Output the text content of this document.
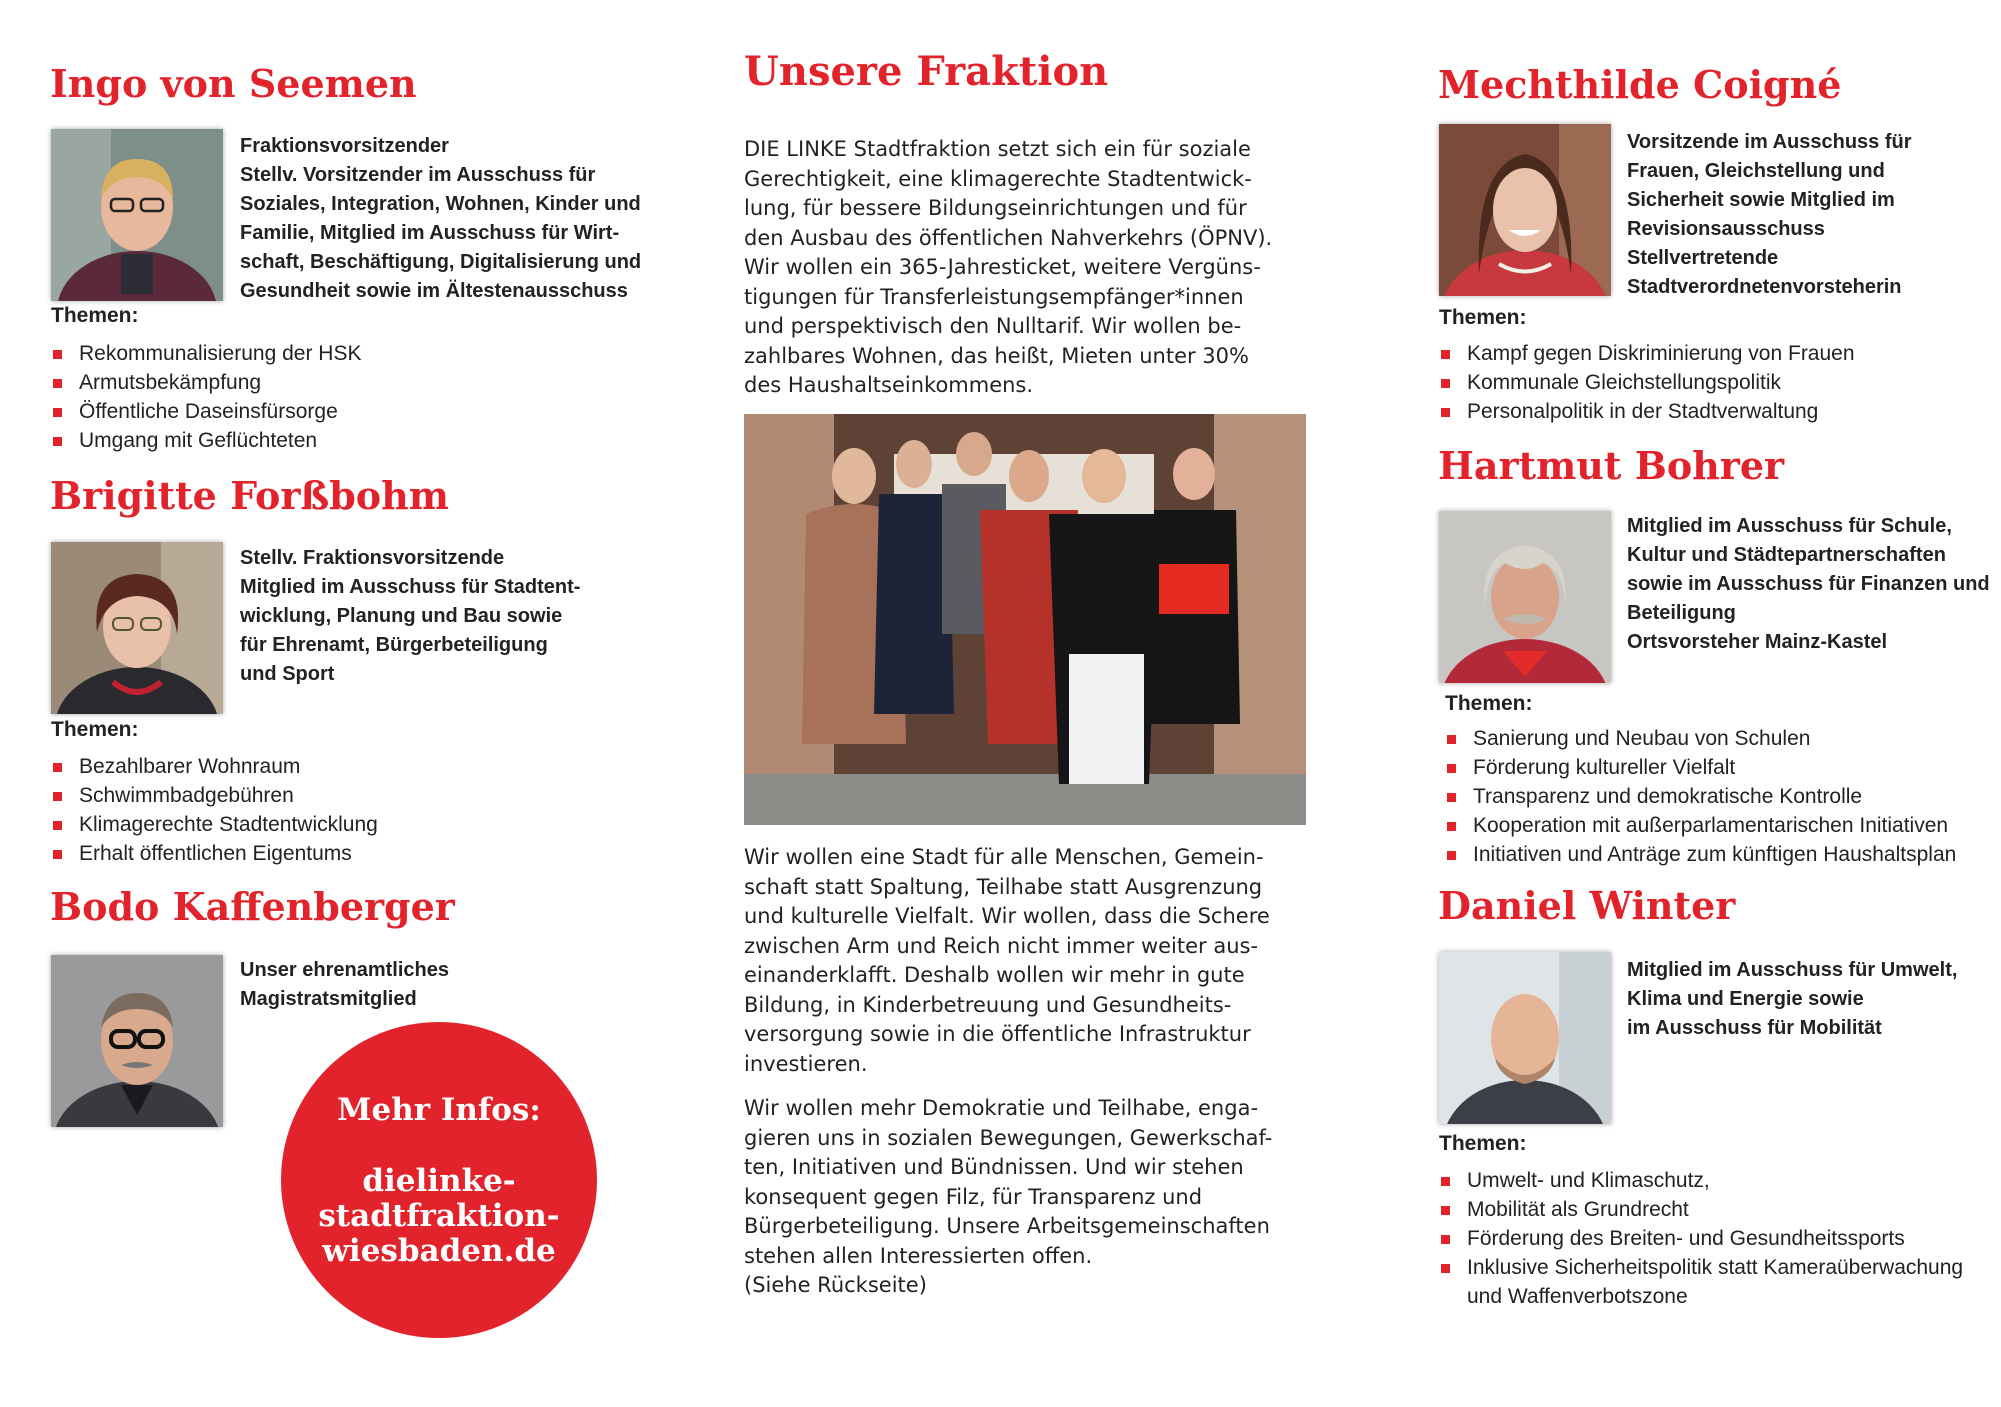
Ingo von Seemen
Fraktionsvorsitzender
Stellv. Vorsitzender im Ausschuss für
Soziales, Integration, Wohnen, Kinder und
Familie, Mitglied im Ausschuss für Wirt-
schaft, Beschäftigung, Digitalisierung und
Gesundheit sowie im Ältestenausschuss
Themen:
Rekommunalisierung der HSK
Armutsbekämpfung
Öffentliche Daseinsfürsorge
Umgang mit Geflüchteten
Brigitte Forßbohm
Stellv. Fraktionsvorsitzende
Mitglied im Ausschuss für Stadtent-
wicklung, Planung und Bau sowie
für Ehrenamt, Bürgerbeteiligung
und Sport
Themen:
Bezahlbarer Wohnraum
Schwimmbadgebühren
Klimagerechte Stadtentwicklung
Erhalt öffentlichen Eigentums
Bodo Kaffenberger
Unser ehrenamtliches
Magistratsmitglied
Mehr Infos:
dielinke-
stadtfraktion-
wiesbaden.de
Unsere Fraktion
DIE LINKE Stadtfraktion setzt sich ein für soziale
Gerechtigkeit, eine klimagerechte Stadtentwick-
lung, für bessere Bildungseinrichtungen und für
den Ausbau des öffentlichen Nahverkehrs (ÖPNV).
Wir wollen ein 365-Jahresticket, weitere Vergüns-
tigungen für Transferleistungsempfänger*innen
und perspektivisch den Nulltarif. Wir wollen be-
zahlbares Wohnen, das heißt, Mieten unter 30%
des Haushaltseinkommens.
Wir wollen eine Stadt für alle Menschen, Gemein-
schaft statt Spaltung, Teilhabe statt Ausgrenzung
und kulturelle Vielfalt. Wir wollen, dass die Schere
zwischen Arm und Reich nicht immer weiter aus-
einanderklafft. Deshalb wollen wir mehr in gute
Bildung, in Kinderbetreuung und Gesundheits-
versorgung sowie in die öffentliche Infrastruktur
investieren.
Wir wollen mehr Demokratie und Teilhabe, enga-
gieren uns in sozialen Bewegungen, Gewerkschaf-
ten, Initiativen und Bündnissen. Und wir stehen
konsequent gegen Filz, für Transparenz und
Bürgerbeteiligung. Unsere Arbeitsgemeinschaften
stehen allen Interessierten offen.
(Siehe Rückseite)
Mechthilde Coigné
Vorsitzende im Ausschuss für
Frauen, Gleichstellung und
Sicherheit sowie Mitglied im
Revisionsausschuss
Stellvertretende
Stadtverordnetenvorsteherin
Themen:
Kampf gegen Diskriminierung von Frauen
Kommunale Gleichstellungspolitik
Personalpolitik in der Stadtverwaltung
Hartmut Bohrer
Mitglied im Ausschuss für Schule,
Kultur und Städtepartnerschaften
sowie im Ausschuss für Finanzen und
Beteiligung
Ortsvorsteher Mainz-Kastel
Themen:
Sanierung und Neubau von Schulen
Förderung kultureller Vielfalt
Transparenz und demokratische Kontrolle
Kooperation mit außerparlamentarischen Initiativen
Initiativen und Anträge zum künftigen Haushaltsplan
Daniel Winter
Mitglied im Ausschuss für Umwelt,
Klima und Energie sowie
im Ausschuss für Mobilität
Themen:
Umwelt- und Klimaschutz,
Mobilität als Grundrecht
Förderung des Breiten- und Gesundheitssports
Inklusive Sicherheitspolitik statt Kameraüberwachung
und Waffenverbotszone
